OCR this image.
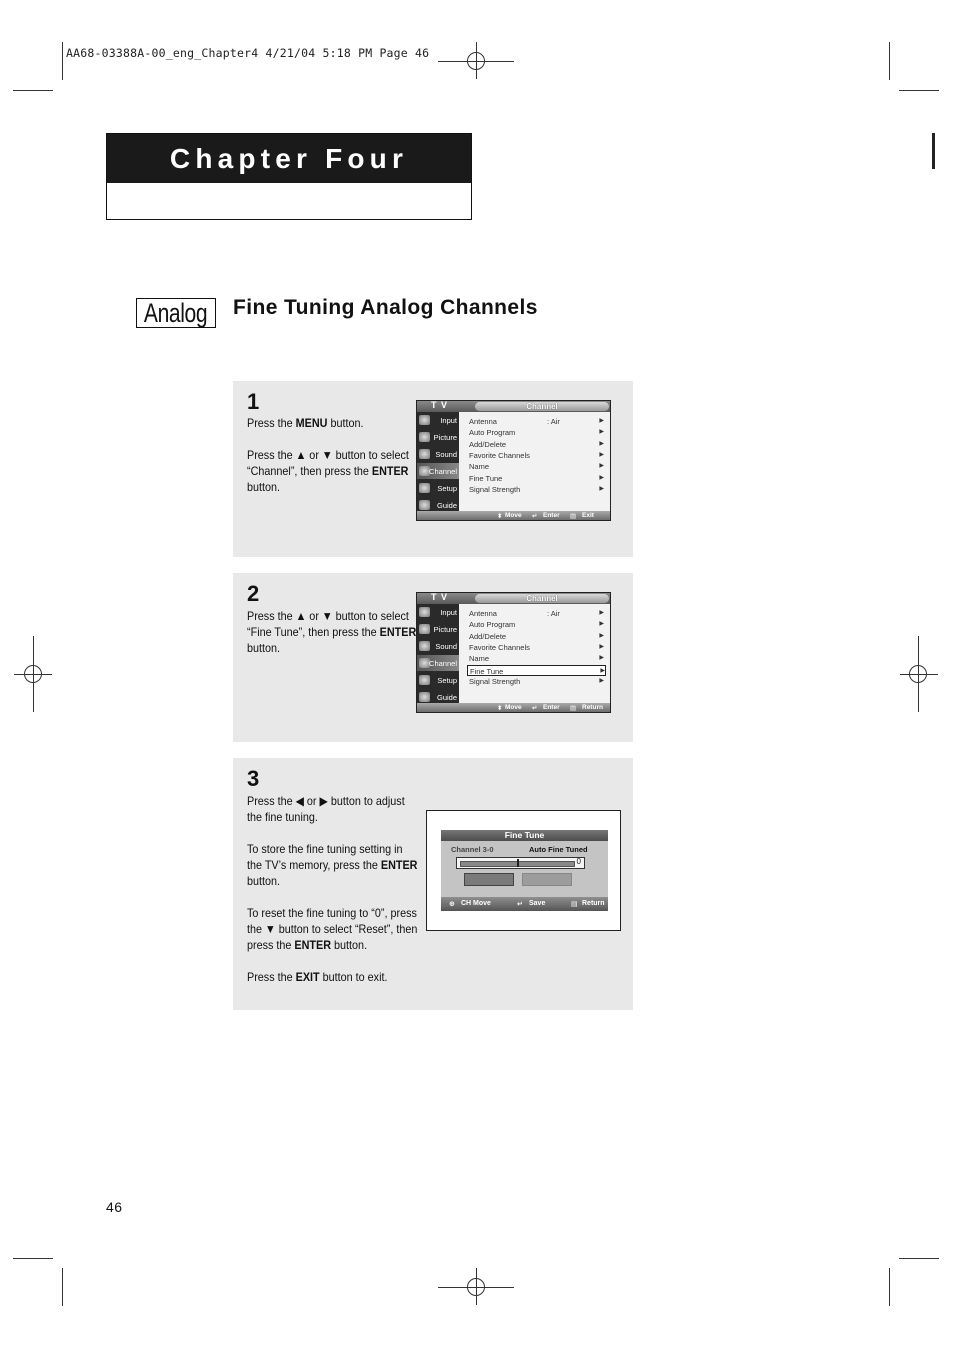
AA68-03388A-00_eng_Chapter4 4/21/04 5:18 PM Page 46
Chapter Four
Analog Fine Tuning Analog Channels
1

Press the MENU button.

Press the ▲ or ▼ button to select “Channel”, then press the ENTER button.

T V	Channel
Input
Picture
Sound
Channel
Setup
Guide
Antenna	: Air	▶
Auto Program	▶
Add/Delete	▶
Favorite Channels	▶
Name	▶
Fine Tune	▶
Signal Strength	▶
⬍ Move ↵ Enter ▤ Exit
2

Press the ▲ or ▼ button to select “Fine Tune”, then press the ENTER button.

T V	Channel
Input
Picture
Sound
Channel
Setup
Guide
Antenna	: Air	▶
Auto Program	▶
Add/Delete	▶
Favorite Channels	▶
Name	▶
Fine Tune	▶
Signal Strength	▶
⬍ Move ↵ Enter ▤ Return
3

Press the ◀ or ▶ button to adjust the fine tuning.

To store the fine tuning setting in the TV’s memory, press the ENTER button.

To reset the fine tuning to “0”, press the ▼ button to select “Reset”, then press the ENTER button.

Press the EXIT button to exit.

Fine Tune
Channel 3-0	Auto Fine Tuned
0
⊕ CH Move	↵ Save	▤ Return
46
